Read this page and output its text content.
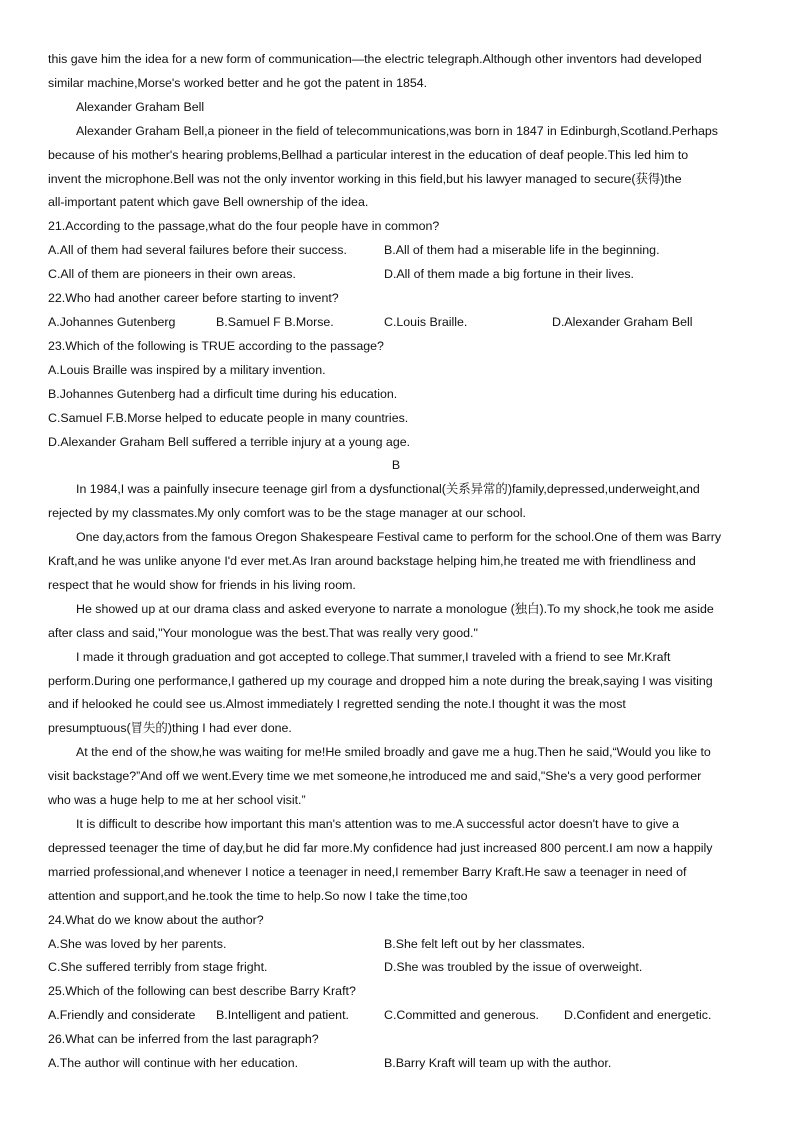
this gave him the idea for a new form of communication—the electric telegraph.Although other inventors had developed
similar machine,Morse's worked better and he got the patent in 1854.
Alexander Graham Bell
Alexander Graham Bell,a pioneer in the field of telecommunications,was born in 1847 in Edinburgh,Scotland.Perhaps
because of his mother's hearing problems,Bellhad a particular interest in the education of deaf people.This led him to
invent the microphone.Bell was not the only inventor working in this field,but his lawyer managed to secure(获得)the
all-important patent which gave Bell ownership of the idea.
21.According to the passage,what do the four people have in common?
A.All of them had several failures before their success.	B.All of them had a miserable life in the beginning.
C.All of them are pioneers in their own areas.	D.All of them made a big fortune in their lives.
22.Who had another career before starting to invent?
A.Johannes Gutenberg	B.Samuel F B.Morse.	C.Louis Braille.	D.Alexander Graham Bell
23.Which of the following is TRUE according to the passage?
A.Louis Braille was inspired by a military invention.
B.Johannes Gutenberg had a dirficult time during his education.
C.Samuel F.B.Morse helped to educate people in many countries.
D.Alexander Graham Bell suffered a terrible injury at a young age.
B
In 1984,I was a painfully insecure teenage girl from a dysfunctional(关系异常的)family,depressed,underweight,and
rejected by my classmates.My only comfort was to be the stage manager at our school.
One day,actors from the famous Oregon Shakespeare Festival came to perform for the school.One of them was Barry
Kraft,and he was unlike anyone I'd ever met.As Iran around backstage helping him,he treated me with friendliness and
respect that he would show for friends in his living room.
He showed up at our drama class and asked everyone to narrate a monologue (独白).To my shock,he took me aside
after class and said,"Your monologue was the best.That was really very good."
I made it through graduation and got accepted to college.That summer,I traveled with a friend to see Mr.Kraft
perform.During one performance,I gathered up my courage and dropped him a note during the break,saying I was visiting
and if helooked he could see us.Almost immediately I regretted sending the note.I thought it was the most
presumptuous(冒失的)thing I had ever done.
At the end of the show,he was waiting for me!He smiled broadly and gave me a hug.Then he said,“Would you like to
visit backstage?”And off we went.Every time we met someone,he introduced me and said,"She's a very good performer
who was a huge help to me at her school visit.”
It is difficult to describe how important this man's attention was to me.A successful actor doesn't have to give a
depressed teenager the time of day,but he did far more.My confidence had just increased 800 percent.I am now a happily
married professional,and whenever I notice a teenager in need,I remember Barry Kraft.He saw a teenager in need of
attention and support,and he.took the time to help.So now I take the time,too
24.What do we know about the author?
A.She was loved by her parents.	B.She felt left out by her classmates.
C.She suffered terribly from stage fright.	D.She was troubled by the issue of overweight.
25.Which of the following can best describe Barry Kraft?
A.Friendly and considerate	B.Intelligent and patient.	C.Committed and generous.	D.Confident and energetic.
26.What can be inferred from the last paragraph?
A.The author will continue with her education.	B.Barry Kraft will team up with the author.
